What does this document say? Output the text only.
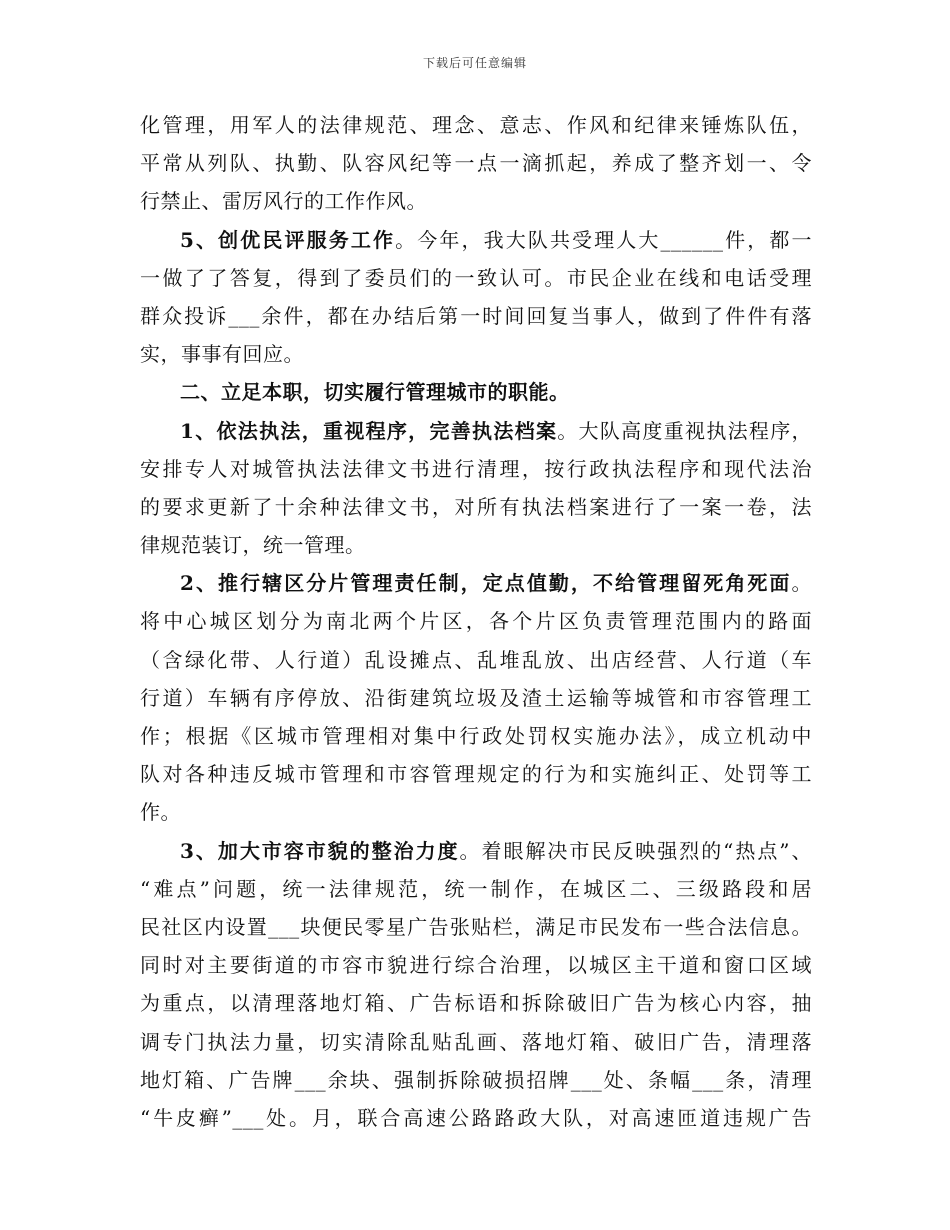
下载后可任意编辑
化管理，用军人的法律规范、理念、意志、作风和纪律来锤炼队伍，
平常从列队、执勤、队容风纪等一点一滴抓起，养成了整齐划一、令
行禁止、雷厉风行的工作作风。
5、创优民评服务工作。今年，我大队共受理人大______件，都一
一做了了答复，得到了委员们的一致认可。市民企业在线和电话受理
群众投诉___余件，都在办结后第一时间回复当事人，做到了件件有落
实，事事有回应。
二、立足本职，切实履行管理城市的职能。
1、依法执法，重视程序，完善执法档案。大队高度重视执法程序，
安排专人对城管执法法律文书进行清理，按行政执法程序和现代法治
的要求更新了十余种法律文书，对所有执法档案进行了一案一卷，法
律规范装订，统一管理。
2、推行辖区分片管理责任制，定点值勤，不给管理留死角死面。
将中心城区划分为南北两个片区，各个片区负责管理范围内的路面
（含绿化带、人行道）乱设摊点、乱堆乱放、出店经营、人行道（车
行道）车辆有序停放、沿街建筑垃圾及渣土运输等城管和市容管理工
作；根据《区城市管理相对集中行政处罚权实施办法》，成立机动中
队对各种违反城市管理和市容管理规定的行为和实施纠正、处罚等工
作。
3、加大市容市貌的整治力度。着眼解决市民反映强烈的“热点”、
“难点”问题，统一法律规范，统一制作，在城区二、三级路段和居
民社区内设置___块便民零星广告张贴栏，满足市民发布一些合法信息。
同时对主要街道的市容市貌进行综合治理，以城区主干道和窗口区域
为重点，以清理落地灯箱、广告标语和拆除破旧广告为核心内容，抽
调专门执法力量，切实清除乱贴乱画、落地灯箱、破旧广告，清理落
地灯箱、广告牌___余块、强制拆除破损招牌___处、条幅___条，清理
“牛皮癣”___处。月，联合高速公路路政大队，对高速匝道违规广告
